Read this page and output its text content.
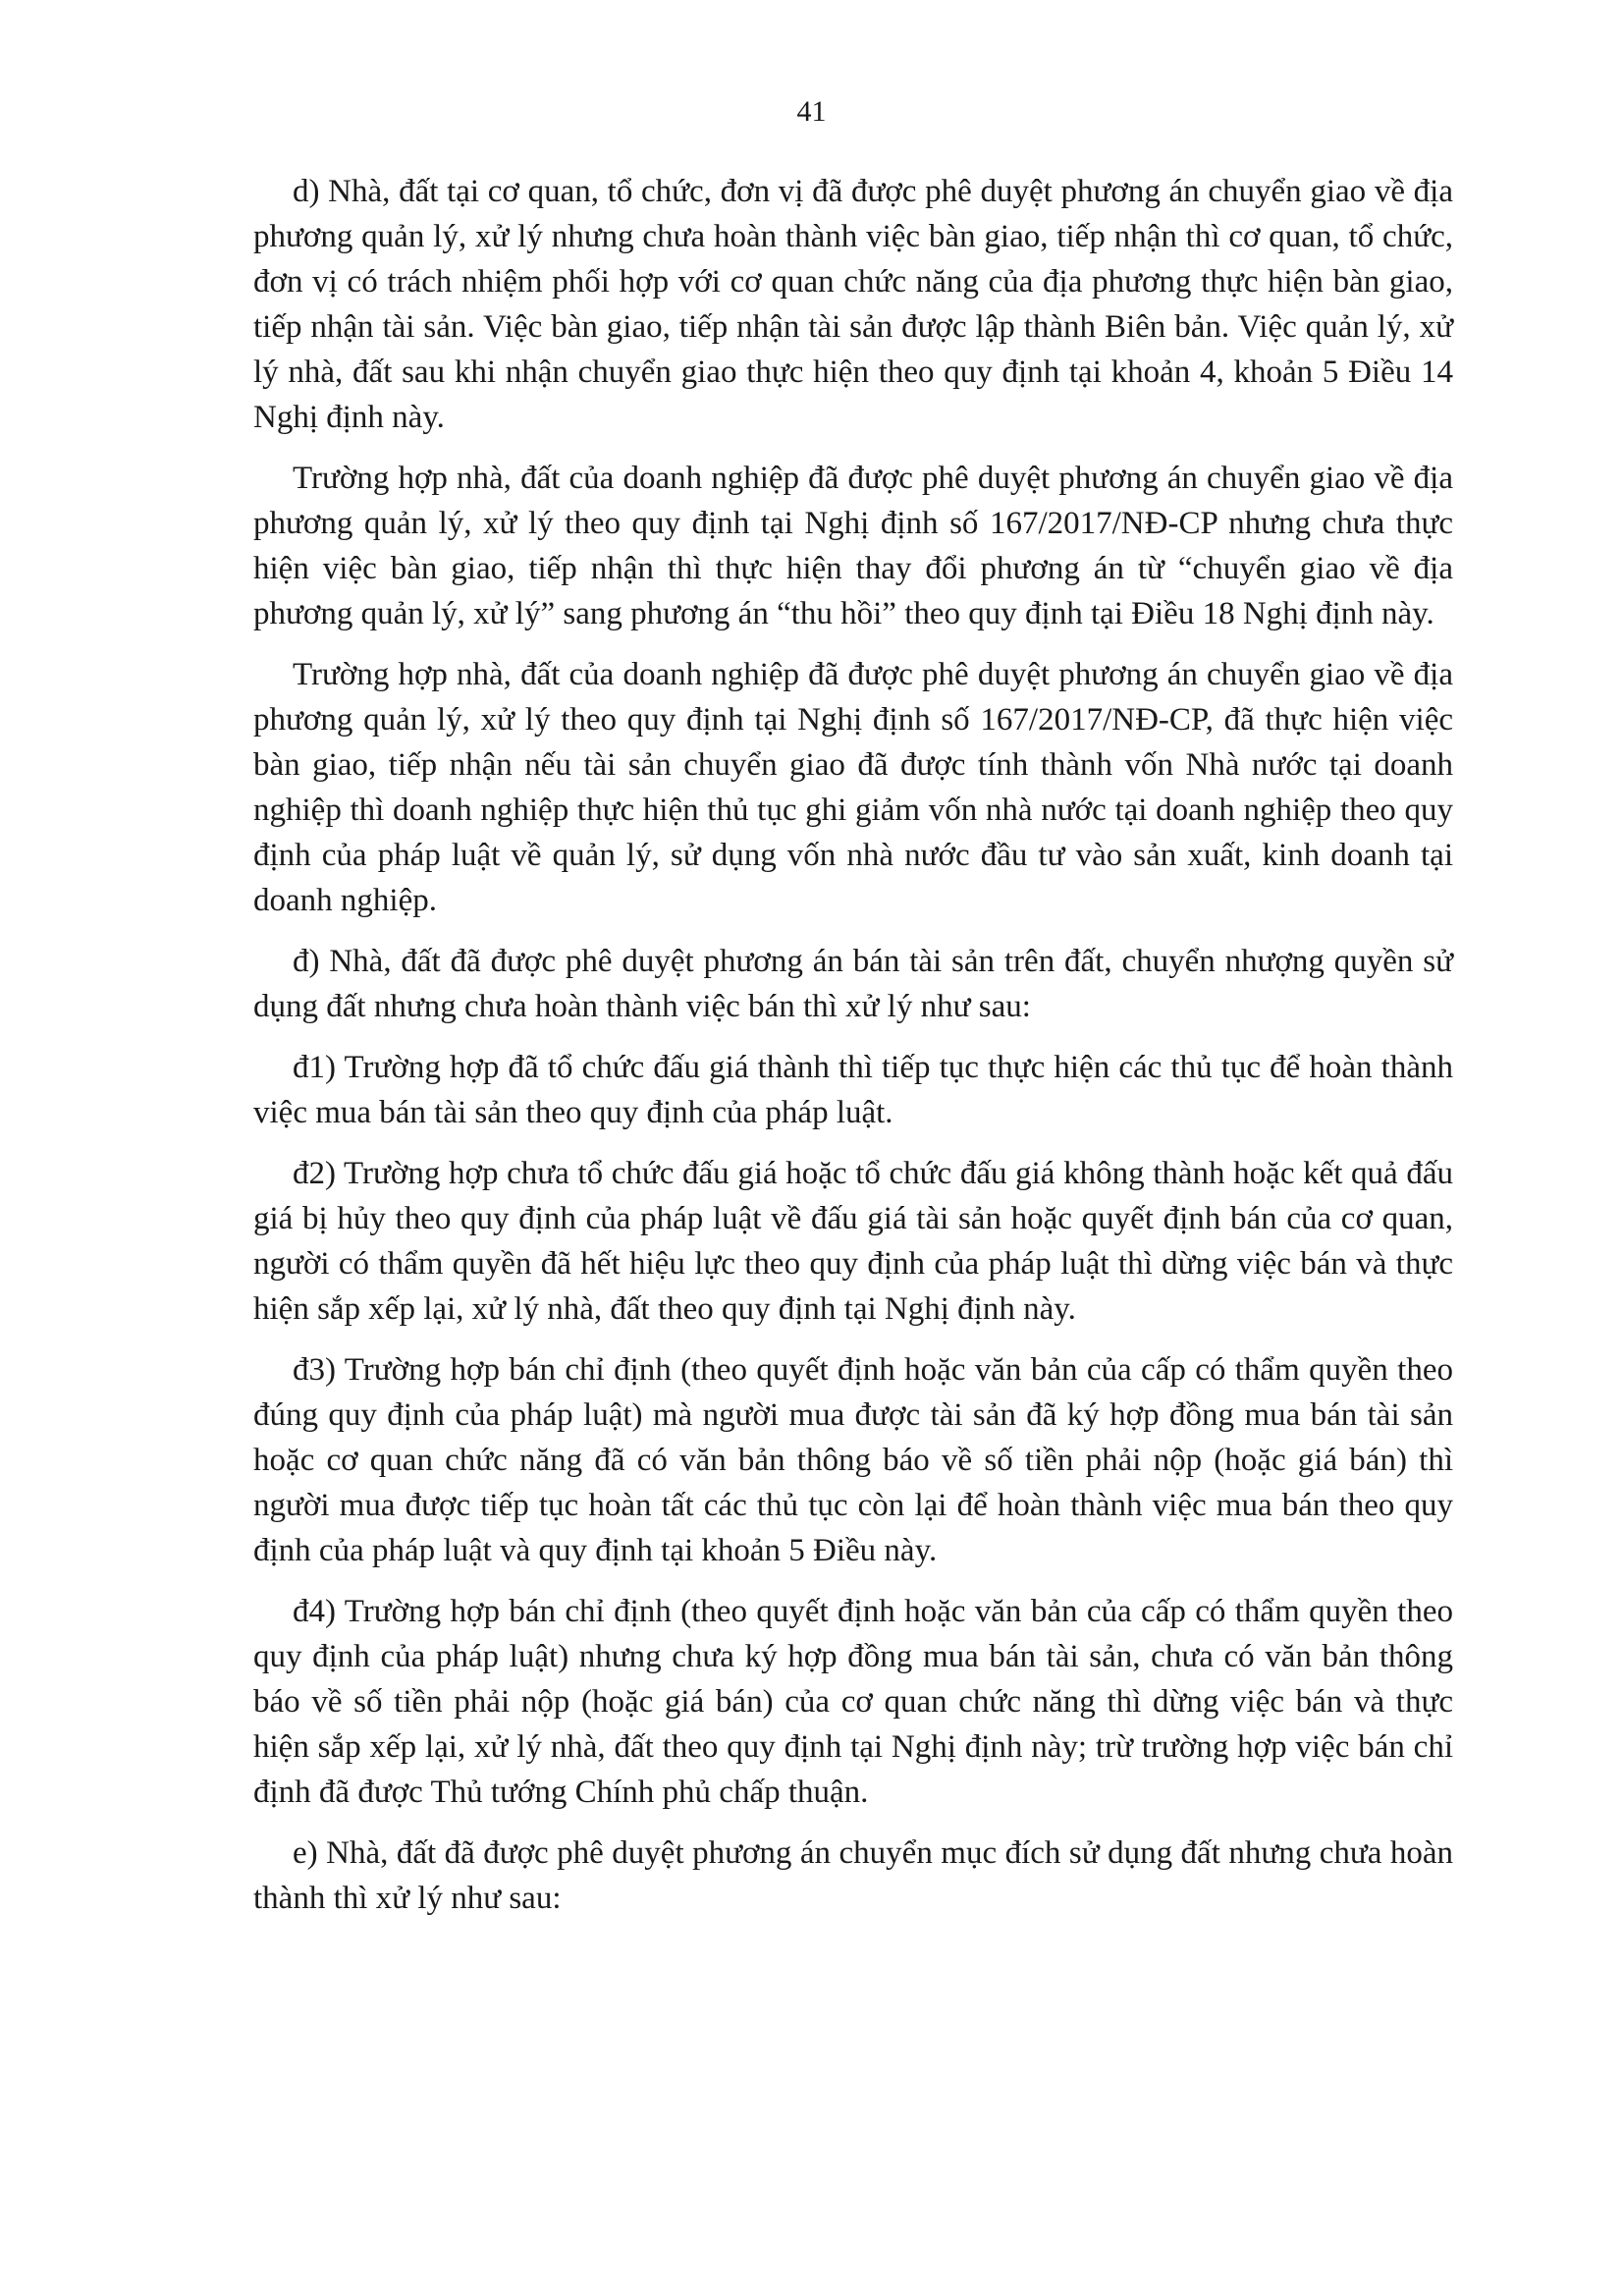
41

d) Nhà, đất tại cơ quan, tổ chức, đơn vị đã được phê duyệt phương án chuyển giao về địa phương quản lý, xử lý nhưng chưa hoàn thành việc bàn giao, tiếp nhận thì cơ quan, tổ chức, đơn vị có trách nhiệm phối hợp với cơ quan chức năng của địa phương thực hiện bàn giao, tiếp nhận tài sản. Việc bàn giao, tiếp nhận tài sản được lập thành Biên bản. Việc quản lý, xử lý nhà, đất sau khi nhận chuyển giao thực hiện theo quy định tại khoản 4, khoản 5 Điều 14 Nghị định này.

Trường hợp nhà, đất của doanh nghiệp đã được phê duyệt phương án chuyển giao về địa phương quản lý, xử lý theo quy định tại Nghị định số 167/2017/NĐ-CP nhưng chưa thực hiện việc bàn giao, tiếp nhận thì thực hiện thay đổi phương án từ “chuyển giao về địa phương quản lý, xử lý” sang phương án “thu hồi” theo quy định tại Điều 18 Nghị định này.

Trường hợp nhà, đất của doanh nghiệp đã được phê duyệt phương án chuyển giao về địa phương quản lý, xử lý theo quy định tại Nghị định số 167/2017/NĐ-CP, đã thực hiện việc bàn giao, tiếp nhận nếu tài sản chuyển giao đã được tính thành vốn Nhà nước tại doanh nghiệp thì doanh nghiệp thực hiện thủ tục ghi giảm vốn nhà nước tại doanh nghiệp theo quy định của pháp luật về quản lý, sử dụng vốn nhà nước đầu tư vào sản xuất, kinh doanh tại doanh nghiệp.

đ) Nhà, đất đã được phê duyệt phương án bán tài sản trên đất, chuyển nhượng quyền sử dụng đất nhưng chưa hoàn thành việc bán thì xử lý như sau:

đ1) Trường hợp đã tổ chức đấu giá thành thì tiếp tục thực hiện các thủ tục để hoàn thành việc mua bán tài sản theo quy định của pháp luật.

đ2) Trường hợp chưa tổ chức đấu giá hoặc tổ chức đấu giá không thành hoặc kết quả đấu giá bị hủy theo quy định của pháp luật về đấu giá tài sản hoặc quyết định bán của cơ quan, người có thẩm quyền đã hết hiệu lực theo quy định của pháp luật thì dừng việc bán và thực hiện sắp xếp lại, xử lý nhà, đất theo quy định tại Nghị định này.

đ3) Trường hợp bán chỉ định (theo quyết định hoặc văn bản của cấp có thẩm quyền theo đúng quy định của pháp luật) mà người mua được tài sản đã ký hợp đồng mua bán tài sản hoặc cơ quan chức năng đã có văn bản thông báo về số tiền phải nộp (hoặc giá bán) thì người mua được tiếp tục hoàn tất các thủ tục còn lại để hoàn thành việc mua bán theo quy định của pháp luật và quy định tại khoản 5 Điều này.

đ4) Trường hợp bán chỉ định (theo quyết định hoặc văn bản của cấp có thẩm quyền theo quy định của pháp luật) nhưng chưa ký hợp đồng mua bán tài sản, chưa có văn bản thông báo về số tiền phải nộp (hoặc giá bán) của cơ quan chức năng thì dừng việc bán và thực hiện sắp xếp lại, xử lý nhà, đất theo quy định tại Nghị định này; trừ trường hợp việc bán chỉ định đã được Thủ tướng Chính phủ chấp thuận.

e) Nhà, đất đã được phê duyệt phương án chuyển mục đích sử dụng đất nhưng chưa hoàn thành thì xử lý như sau:
